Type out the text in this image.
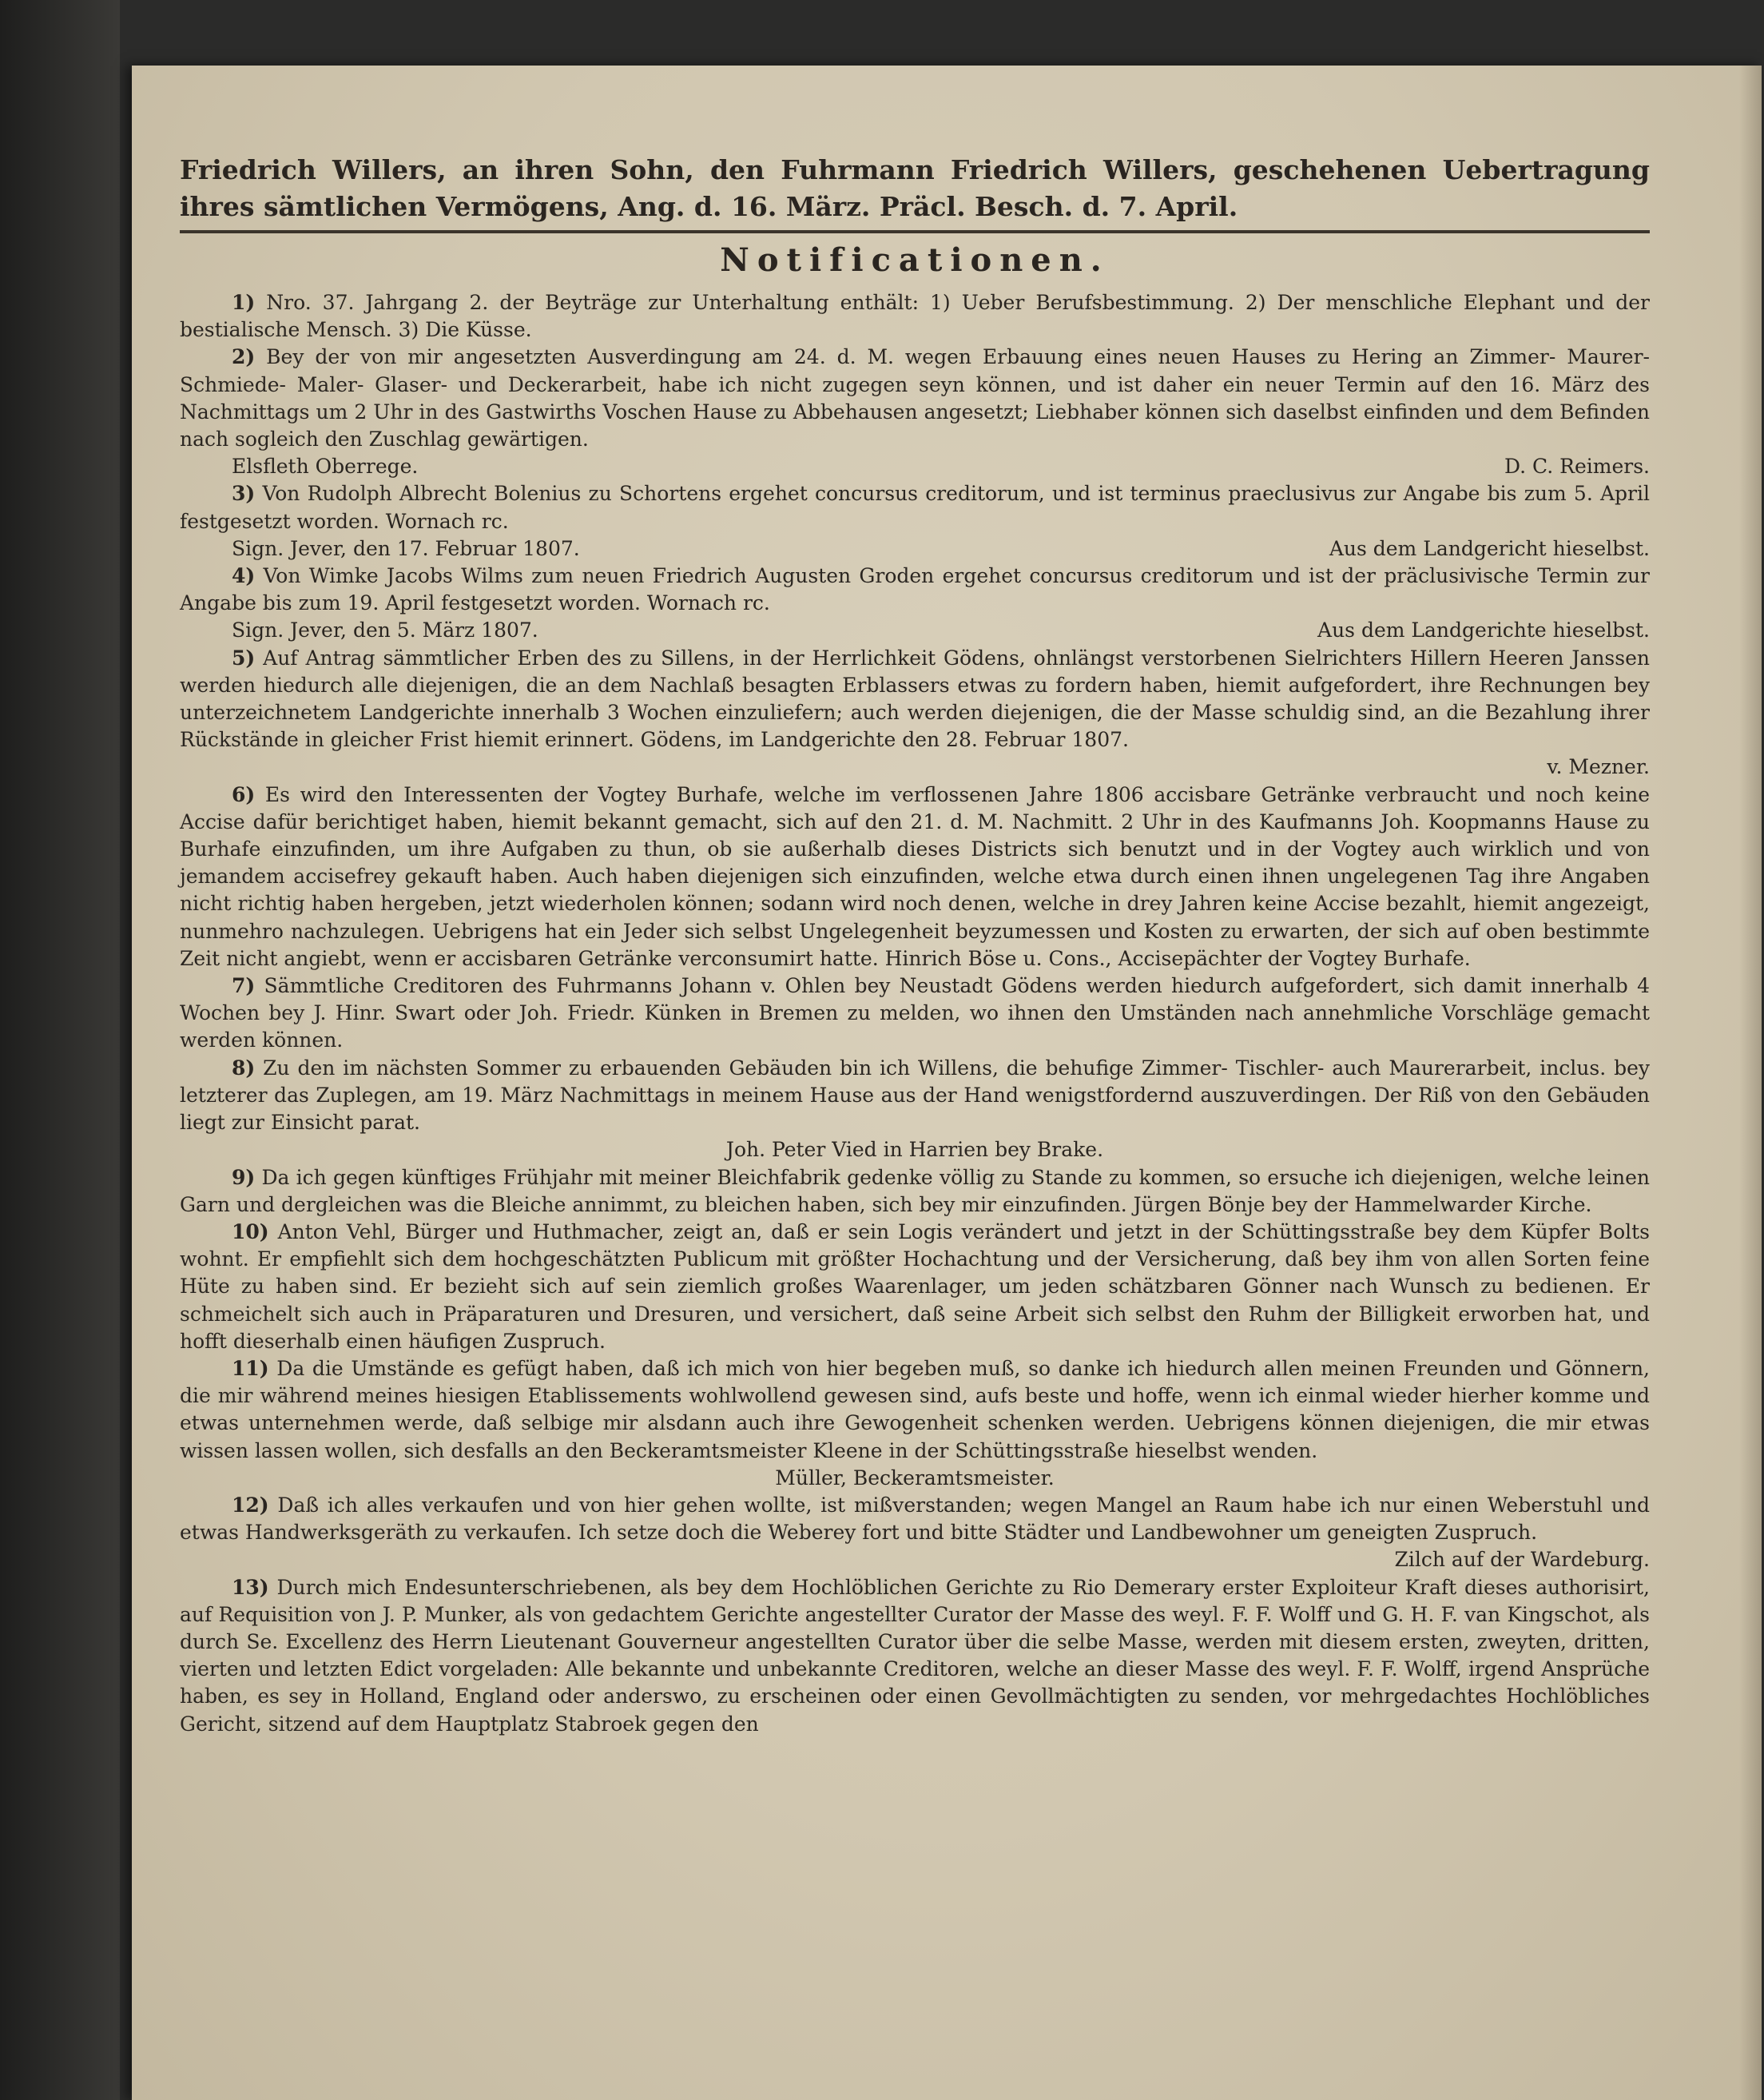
Friedrich Willers, an ihren Sohn, den Fuhrmann Friedrich Willers, geschehenen Uebertragung ihres sämtlichen Vermögens, Ang. d. 16. März. Präcl. Besch. d. 7. April.

Notificationen.

1) Nro. 37. Jahrgang 2. der Beyträge zur Unterhaltung enthält: 1) Ueber Berufsbestimmung. 2) Der menschliche Elephant und der bestialische Mensch. 3) Die Küsse.

2) Bey der von mir angesetzten Ausverdingung am 24. d. M. wegen Erbauung eines neuen Hauses zu Hering an Zimmer- Maurer- Schmiede- Maler- Glaser- und Deckerarbeit, habe ich nicht zugegen seyn können, und ist daher ein neuer Termin auf den 16. März des Nachmittags um 2 Uhr in des Gastwirths Voschen Hause zu Abbehausen angesetzt; Liebhaber können sich daselbst einfinden und dem Befinden nach sogleich den Zuschlag gewärtigen.

Elsfleth Oberrege.	D. C. Reimers.

3) Von Rudolph Albrecht Bolenius zu Schortens ergehet concursus creditorum, und ist terminus praeclusivus zur Angabe bis zum 5. April festgesetzt worden. Wornach rc.

Sign. Jever, den 17. Februar 1807.	Aus dem Landgericht hieselbst.

4) Von Wimke Jacobs Wilms zum neuen Friedrich Augusten Groden ergehet concursus creditorum und ist der präclusivische Termin zur Angabe bis zum 19. April festgesetzt worden. Wornach rc.

Sign. Jever, den 5. März 1807.	Aus dem Landgerichte hieselbst.

5) Auf Antrag sämmtlicher Erben des zu Sillens, in der Herrlichkeit Gödens, ohnlängst verstorbenen Sielrichters Hillern Heeren Janssen werden hiedurch alle diejenigen, die an dem Nachlaß besagten Erblassers etwas zu fordern haben, hiemit aufgefordert, ihre Rechnungen bey unterzeichnetem Landgerichte innerhalb 3 Wochen einzuliefern; auch werden diejenigen, die der Masse schuldig sind, an die Bezahlung ihrer Rückstände in gleicher Frist hiemit erinnert. Gödens, im Landgerichte den 28. Februar 1807.

v. Mezner.

6) Es wird den Interessenten der Vogtey Burhafe, welche im verflossenen Jahre 1806 accisbare Getränke verbraucht und noch keine Accise dafür berichtiget haben, hiemit bekannt gemacht, sich auf den 21. d. M. Nachmitt. 2 Uhr in des Kaufmanns Joh. Koopmanns Hause zu Burhafe einzufinden, um ihre Aufgaben zu thun, ob sie außerhalb dieses Districts sich benutzt und in der Vogtey auch wirklich und von jemandem accisefrey gekauft haben. Auch haben diejenigen sich einzufinden, welche etwa durch einen ihnen ungelegenen Tag ihre Angaben nicht richtig haben hergeben, jetzt wiederholen können; sodann wird noch denen, welche in drey Jahren keine Accise bezahlt, hiemit angezeigt, nunmehro nachzulegen. Uebrigens hat ein Jeder sich selbst Ungelegenheit beyzumessen und Kosten zu erwarten, der sich auf oben bestimmte Zeit nicht angiebt, wenn er accisbaren Getränke verconsumirt hatte. Hinrich Böse u. Cons., Accisepächter der Vogtey Burhafe.

7) Sämmtliche Creditoren des Fuhrmanns Johann v. Ohlen bey Neustadt Gödens werden hiedurch aufgefordert, sich damit innerhalb 4 Wochen bey J. Hinr. Swart oder Joh. Friedr. Künken in Bremen zu melden, wo ihnen den Umständen nach annehmliche Vorschläge gemacht werden können.

8) Zu den im nächsten Sommer zu erbauenden Gebäuden bin ich Willens, die behufige Zimmer- Tischler- auch Maurerarbeit, inclus. bey letzterer das Zuplegen, am 19. März Nachmittags in meinem Hause aus der Hand wenigstfordernd auszuverdingen. Der Riß von den Gebäuden liegt zur Einsicht parat.

Joh. Peter Vied in Harrien bey Brake.

9) Da ich gegen künftiges Frühjahr mit meiner Bleichfabrik gedenke völlig zu Stande zu kommen, so ersuche ich diejenigen, welche leinen Garn und dergleichen was die Bleiche annimmt, zu bleichen haben, sich bey mir einzufinden. Jürgen Bönje bey der Hammelwarder Kirche.

10) Anton Vehl, Bürger und Huthmacher, zeigt an, daß er sein Logis verändert und jetzt in der Schüttingsstraße bey dem Küpfer Bolts wohnt. Er empfiehlt sich dem hochgeschätzten Publicum mit größter Hochachtung und der Versicherung, daß bey ihm von allen Sorten feine Hüte zu haben sind. Er bezieht sich auf sein ziemlich großes Waarenlager, um jeden schätzbaren Gönner nach Wunsch zu bedienen. Er schmeichelt sich auch in Präparaturen und Dresuren, und versichert, daß seine Arbeit sich selbst den Ruhm der Billigkeit erworben hat, und hofft dieserhalb einen häufigen Zuspruch.

11) Da die Umstände es gefügt haben, daß ich mich von hier begeben muß, so danke ich hiedurch allen meinen Freunden und Gönnern, die mir während meines hiesigen Etablissements wohlwollend gewesen sind, aufs beste und hoffe, wenn ich einmal wieder hierher komme und etwas unternehmen werde, daß selbige mir alsdann auch ihre Gewogenheit schenken werden. Uebrigens können diejenigen, die mir etwas wissen lassen wollen, sich desfalls an den Beckeramtsmeister Kleene in der Schüttingsstraße hieselbst wenden.

Müller, Beckeramtsmeister.

12) Daß ich alles verkaufen und von hier gehen wollte, ist mißverstanden; wegen Mangel an Raum habe ich nur einen Weberstuhl und etwas Handwerksgeräth zu verkaufen. Ich setze doch die Weberey fort und bitte Städter und Landbewohner um geneigten Zuspruch.

Zilch auf der Wardeburg.

13) Durch mich Endesunterschriebenen, als bey dem Hochlöblichen Gerichte zu Rio Demerary erster Exploiteur Kraft dieses authorisirt, auf Requisition von J. P. Munker, als von gedachtem Gerichte angestellter Curator der Masse des weyl. F. F. Wolff und G. H. F. van Kingschot, als durch Se. Excellenz des Herrn Lieutenant Gouverneur angestellten Curator über die selbe Masse, werden mit diesem ersten, zweyten, dritten, vierten und letzten Edict vorgeladen: Alle bekannte und unbekannte Creditoren, welche an dieser Masse des weyl. F. F. Wolff, irgend Ansprüche haben, es sey in Holland, England oder anderswo, zu erscheinen oder einen Gevollmächtigten zu senden, vor mehrgedachtes Hochlöbliches Gericht, sitzend auf dem Hauptplatz Stabroek gegen den
